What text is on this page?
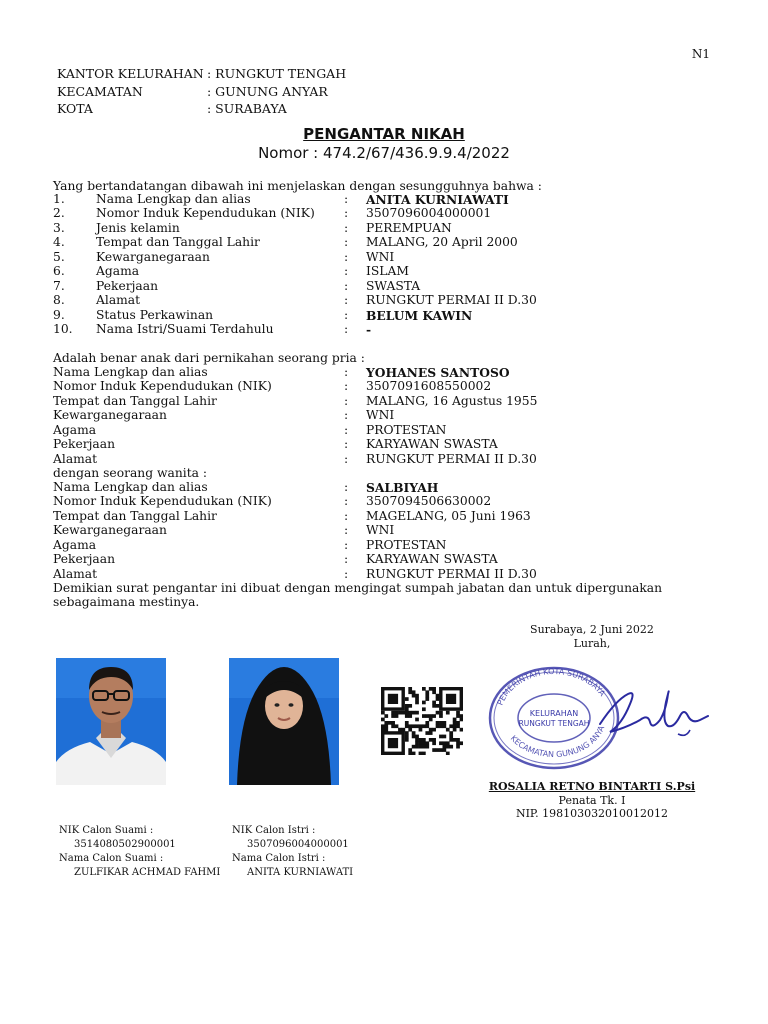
N1
KANTOR KELURAHAN : RUNGKUT TENGAH
KECAMATAN	: GUNUNG ANYAR
KOTA	: SURABAYA
PENGANTAR NIKAH
Nomor : 474.2/67/436.9.9.4/2022
Yang bertandatangan dibawah ini menjelaskan dengan sesungguhnya bahwa :
1.	Nama Lengkap dan alias	: ANITA KURNIAWATI
2.	Nomor Induk Kependudukan (NIK) : 3507096004000001
3.	Jenis kelamin	: PEREMPUAN
4.	Tempat dan Tanggal Lahir	: MALANG, 20 April 2000
5.	Kewarganegaraan	: WNI
6.	Agama	: ISLAM
7.	Pekerjaan	: SWASTA
8.	Alamat	: RUNGKUT PERMAI II D.30
9.	Status Perkawinan	: BELUM KAWIN
10. Nama Istri/Suami Terdahulu	: -
Adalah benar anak dari pernikahan seorang pria :
Nama Lengkap dan alias	: YOHANES SANTOSO
Nomor Induk Kependudukan (NIK)	: 3507091608550002
Tempat dan Tanggal Lahir	: MALANG, 16 Agustus 1955
Kewarganegaraan	: WNI
Agama	: PROTESTAN
Pekerjaan	: KARYAWAN SWASTA
Alamat	: RUNGKUT PERMAI II D.30
dengan seorang wanita :
Nama Lengkap dan alias	: SALBIYAH
Nomor Induk Kependudukan (NIK)	: 3507094506630002
Tempat dan Tanggal Lahir	: MAGELANG, 05 Juni 1963
Kewarganegaraan	: WNI
Agama	: PROTESTAN
Pekerjaan	: KARYAWAN SWASTA
Alamat	: RUNGKUT PERMAI II D.30
Demikian surat pengantar ini dibuat dengan mengingat sumpah jabatan dan untuk dipergunakan
sebagaimana mestinya.
Surabaya, 2 Juni 2022
Lurah,
PEMERINTAH KOTA SURABAYA
KECAMATAN GUNUNG ANYA
KELURAHAN
RUNGKUT TENGAH
ROSALIA RETNO BINTARTI S.Psi
Penata Tk. I
NIP. 198103032010012012
NIK Calon Suami :
3514080502900001
Nama Calon Suami :
ZULFIKAR ACHMAD FAHMI
NIK Calon Istri :
3507096004000001
Nama Calon Istri :
ANITA KURNIAWATI
